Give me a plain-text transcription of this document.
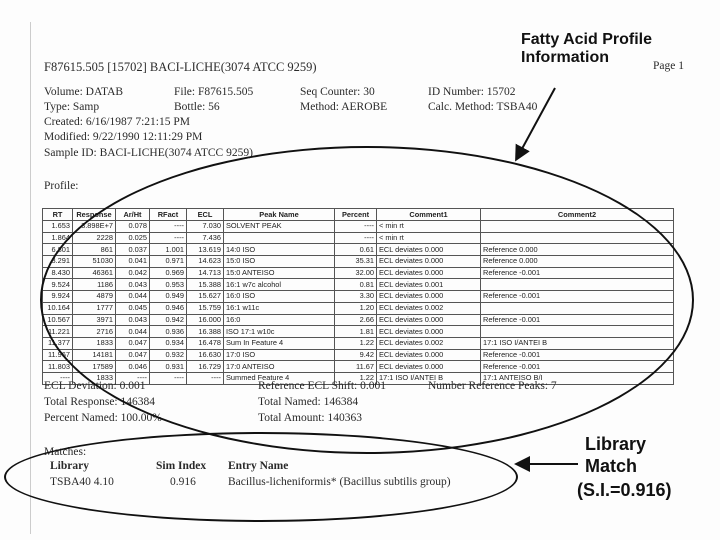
F87615.505 [15702] BACI-LICHE(3074 ATCC 9259)	Page 1
Volume: DATAB	File: F87615.505	Seq Counter: 30	ID Number: 15702
Type: Samp	Bottle: 56	Method: AEROBE	Calc. Method: TSBA40
Created: 6/16/1987 7:21:15 PM
Modified: 9/22/1990 12:11:29 PM
Sample ID: BACI-LICHE(3074 ATCC 9259)
Profile:
RT	Response	Ar/Ht	RFact	ECL	Peak Name	Percent	Comment1	Comment2
1.653	3.898E+7	0.078	----	7.030	SOLVENT PEAK	----	< min rt	
1.864	2228	0.025	----	7.436		----	< min rt	
6.801	861	0.037	1.001	13.619	14:0 ISO	0.61	ECL deviates 0.000	Reference 0.000
8.291	51030	0.041	0.971	14.623	15:0 ISO	35.31	ECL deviates 0.000	Reference 0.000
8.430	46361	0.042	0.969	14.713	15:0 ANTEISO	32.00	ECL deviates 0.000	Reference -0.001
9.524	1186	0.043	0.953	15.388	16:1 w7c alcohol	0.81	ECL deviates 0.001	
9.924	4879	0.044	0.949	15.627	16:0 ISO	3.30	ECL deviates 0.000	Reference -0.001
10.164	1777	0.045	0.946	15.759	16:1 w11c	1.20	ECL deviates 0.002	
10.567	3971	0.043	0.942	16.000	16:0	2.66	ECL deviates 0.000	Reference -0.001
11.221	2716	0.044	0.936	16.388	ISO 17:1 w10c	1.81	ECL deviates 0.000	
11.377	1833	0.047	0.934	16.478	Sum In Feature 4	1.22	ECL deviates 0.002	17:1 ISO I/ANTEI B
11.967	14181	0.047	0.932	16.630	17:0 ISO	9.42	ECL deviates 0.000	Reference -0.001
11.803	17589	0.046	0.931	16.729	17:0 ANTEISO	11.67	ECL deviates 0.000	Reference -0.001
----	1833	----	----	----	Summed Feature 4	1.22	17:1 ISO I/ANTEI B	17:1 ANTEISO B/I
ECL Deviation: 0.001	Reference ECL Shift: 0.001	Number Reference Peaks: 7
Total Response: 146384	Total Named: 146384
Percent Named: 100.00%	Total Amount: 140363
Matches:
Library	Sim Index Entry Name
TSBA40 4.10	0.916	Bacillus-licheniformis* (Bacillus subtilis group)
Fatty Acid Profile
Information
Library
Match
(S.I.=0.916)
